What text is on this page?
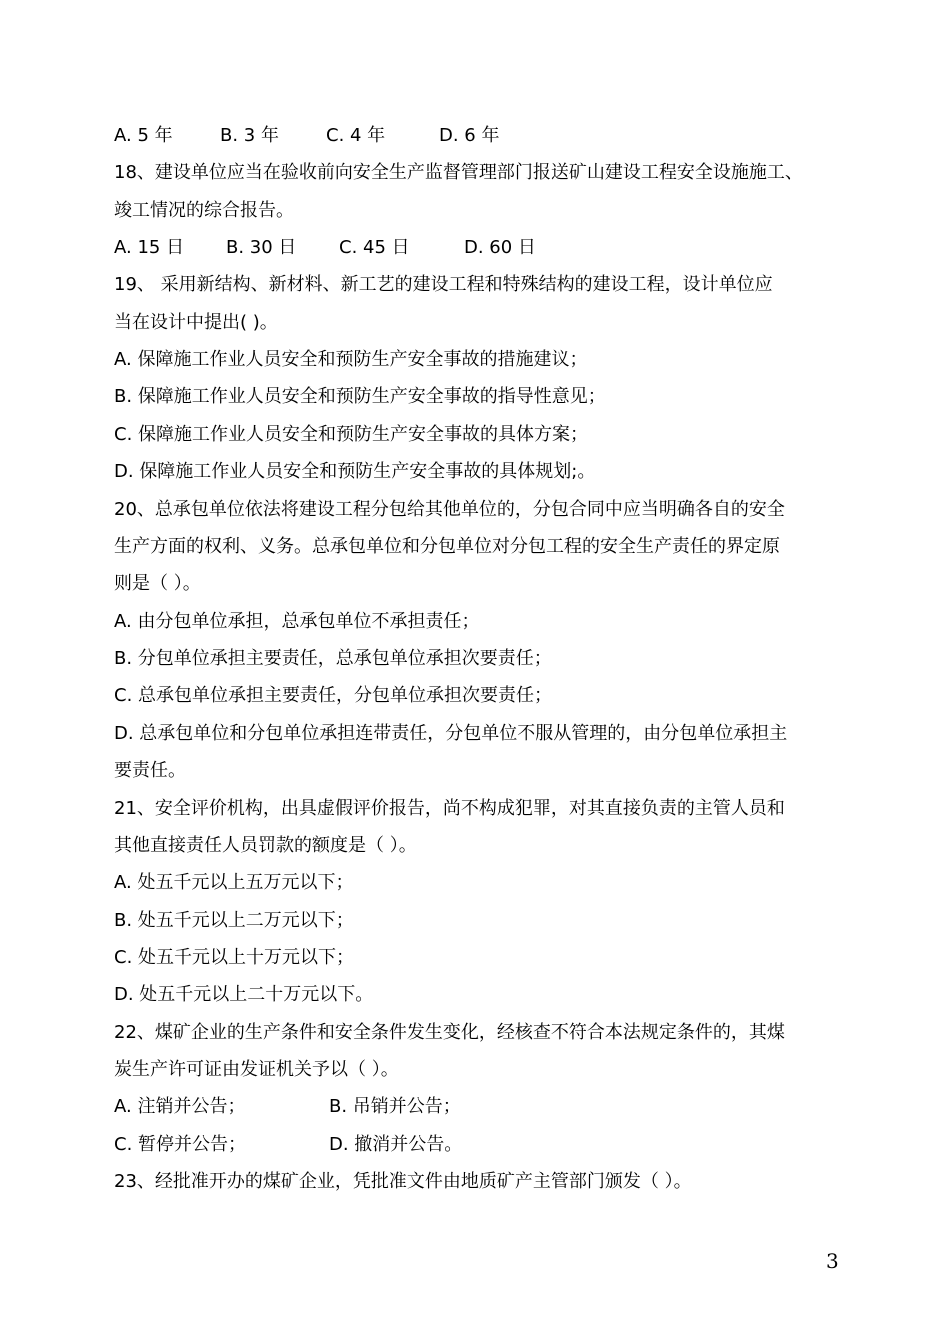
A. 5 年	B. 3 年	C. 4 年	D. 6 年
18、建设单位应当在验收前向安全生产监督管理部门报送矿山建设工程安全设施施工、
竣工情况的综合报告。
A. 15 日 B. 30 日 C. 45 日	D. 60 日
19、 采用新结构、新材料、新工艺的建设工程和特殊结构的建设工程，设计单位应
当在设计中提出( )。
A. 保障施工作业人员安全和预防生产安全事故的措施建议；
B. 保障施工作业人员安全和预防生产安全事故的指导性意见；
C. 保障施工作业人员安全和预防生产安全事故的具体方案；
D. 保障施工作业人员安全和预防生产安全事故的具体规划;。
20、总承包单位依法将建设工程分包给其他单位的，分包合同中应当明确各自的安全
生产方面的权利、义务。总承包单位和分包单位对分包工程的安全生产责任的界定原
则是（ ）。
A. 由分包单位承担，总承包单位不承担责任；
B. 分包单位承担主要责任，总承包单位承担次要责任；
C. 总承包单位承担主要责任，分包单位承担次要责任；
D. 总承包单位和分包单位承担连带责任，分包单位不服从管理的，由分包单位承担主
要责任。
21、安全评价机构，出具虚假评价报告，尚不构成犯罪，对其直接负责的主管人员和
其他直接责任人员罚款的额度是（ ）。
A. 处五千元以上五万元以下；
B. 处五千元以上二万元以下；
C. 处五千元以上十万元以下；
D. 处五千元以上二十万元以下。
22、煤矿企业的生产条件和安全条件发生变化，经核查不符合本法规定条件的，其煤
炭生产许可证由发证机关予以（ ）。
A. 注销并公告；	B. 吊销并公告；
C. 暂停并公告；	D. 撤消并公告。
23、经批准开办的煤矿企业，凭批准文件由地质矿产主管部门颁发（ ）。
3
